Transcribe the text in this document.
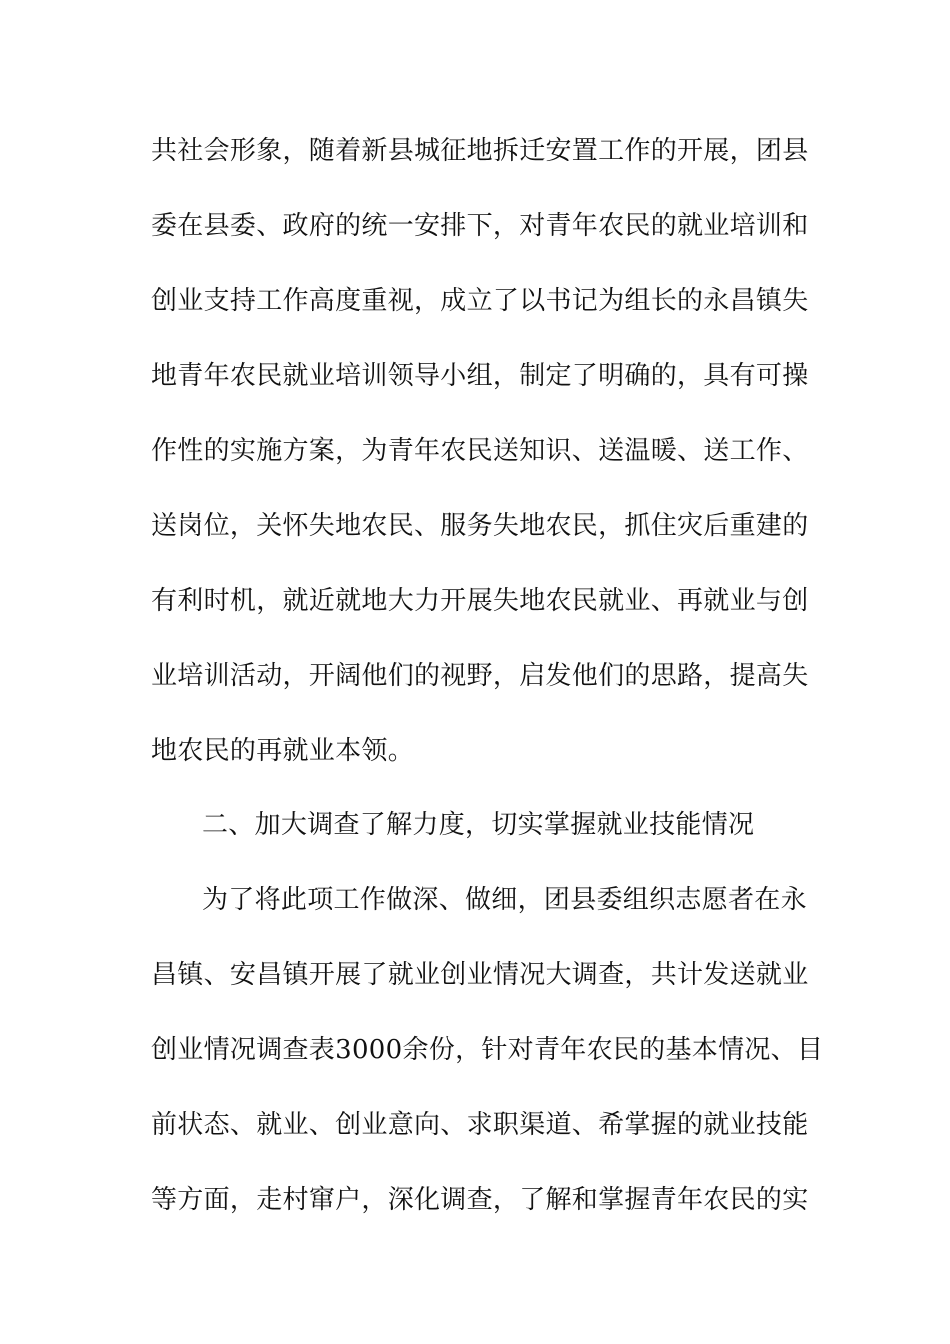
共社会形象，随着新县城征地拆迁安置工作的开展，团县
委在县委、政府的统一安排下，对青年农民的就业培训和
创业支持工作高度重视，成立了以书记为组长的永昌镇失
地青年农民就业培训领导小组，制定了明确的，具有可操
作性的实施方案，为青年农民送知识、送温暖、送工作、
送岗位，关怀失地农民、服务失地农民，抓住灾后重建的
有利时机，就近就地大力开展失地农民就业、再就业与创
业培训活动，开阔他们的视野，启发他们的思路，提高失
地农民的再就业本领。
二、加大调查了解力度，切实掌握就业技能情况
为了将此项工作做深、做细，团县委组织志愿者在永
昌镇、安昌镇开展了就业创业情况大调查，共计发送就业
创业情况调查表3000余份，针对青年农民的基本情况、目
前状态、就业、创业意向、求职渠道、希掌握的就业技能
等方面，走村窜户，深化调查，了解和掌握青年农民的实
